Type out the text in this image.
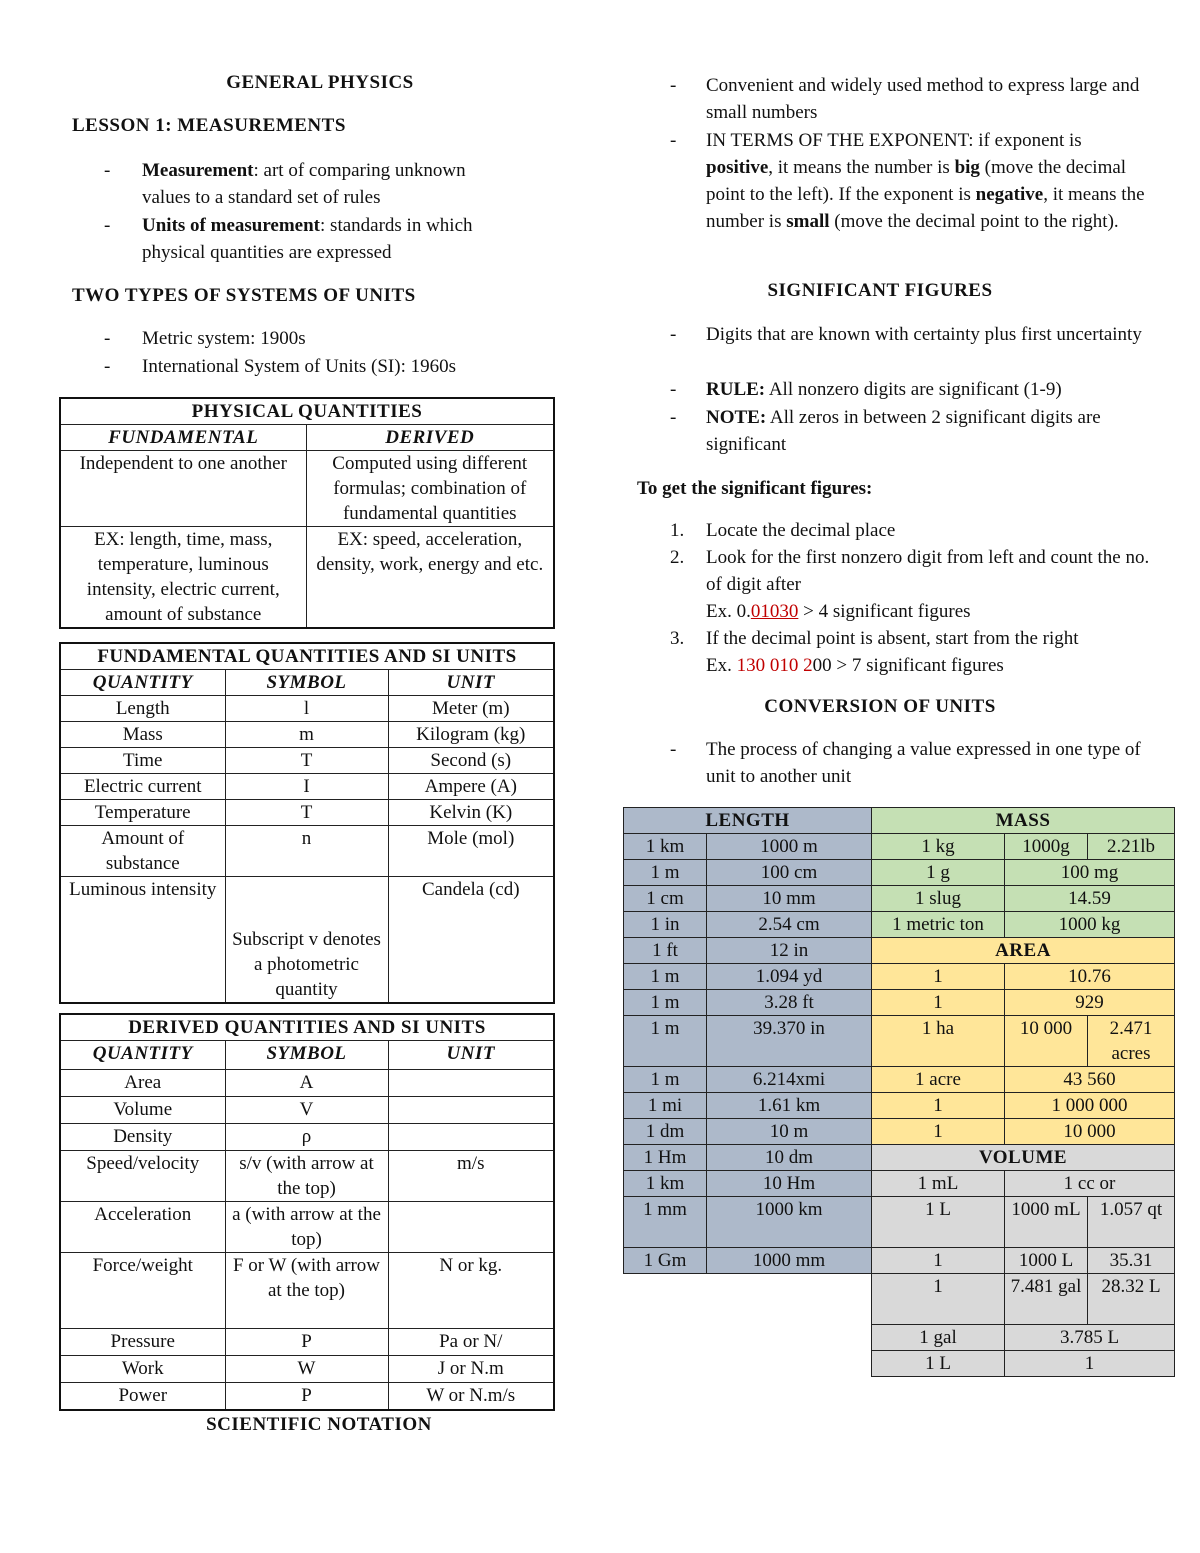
GENERAL PHYSICS
LESSON 1: MEASUREMENTS
- Measurement: art of comparing unknown
values to a standard set of rules
- Units of measurement: standards in which
physical quantities are expressed
TWO TYPES OF SYSTEMS OF UNITS
- Metric system: 1900s
- International System of Units (SI): 1960s
PHYSICAL QUANTITIES	
FUNDAMENTAL	DERIVED
Independent to one another	Computed using different formulas; combination of fundamental quantities
EX: length, time, mass, temperature, luminous intensity, electric current, amount of substance	EX: speed, acceleration, density, work, energy and etc.
FUNDAMENTAL QUANTITIES AND SI UNITS		
QUANTITY	SYMBOL	UNIT
Length	l	Meter (m)
Mass	m	Kilogram (kg)
Time	T	Second (s)
Electric current	I	Ampere (A)
Temperature	T	Kelvin (K)
Amount of substance	n	Mole (mol)
Luminous intensity	Subscript v denotes a photometric quantity	Candela (cd)
DERIVED QUANTITIES AND SI UNITS		
QUANTITY	SYMBOL	UNIT
Area	A	
Volume	V	
Density	ρ	
Speed/velocity	s/v (with arrow at the top)	m/s
Acceleration	a (with arrow at the top)	
Force/weight	F or W (with arrow at the top)	N or kg.
Pressure	P	Pa or N/
Work	W	J or N.m
Power	P	W or N.m/s
SCIENTIFIC NOTATION
- Convenient and widely used method to express large and small numbers
- IN TERMS OF THE EXPONENT: if exponent is positive, it means the number is big (move the decimal point to the left). If the exponent is negative, it means the number is small (move the decimal point to the right).
SIGNIFICANT FIGURES
- Digits that are known with certainty plus first uncertainty
- RULE: All nonzero digits are significant (1-9)
- NOTE: All zeros in between 2 significant digits are significant
To get the significant figures:
1. Locate the decimal place
2. Look for the first nonzero digit from left and count the no. of digit after
Ex. 0.01030 > 4 significant figures
3. If the decimal point is absent, start from the right
Ex. 130 010 200 > 7 significant figures
CONVERSION OF UNITS
- The process of changing a value expressed in one type of unit to another unit
LENGTH		MASS		
1 km	1000 m	1 kg	1000g	2.21lb
1 m	100 cm	1 g	100 mg	
1 cm	10 mm	1 slug	14.59	
1 in	2.54 cm	1 metric ton	1000 kg	
1 ft	12 in	AREA		
1 m	1.094 yd	1	10.76	
1 m	3.28 ft	1	929	
1 m	39.370 in	1 ha	10 000	2.471 acres
1 m	6.214xmi	1 acre	43 560	
1 mi	1.61 km	1	1 000 000	
1 dm	10 m	1	10 000	
1 Hm	10 dm	VOLUME		
1 km	10 Hm	1 mL	1 cc or	
1 mm	1000 km	1 L	1000 mL	1.057 qt
1 Gm	1000 mm	1	1000 L	35.31
		1	7.481 gal	28.32 L
		1 gal	3.785 L	
		1 L	1	
